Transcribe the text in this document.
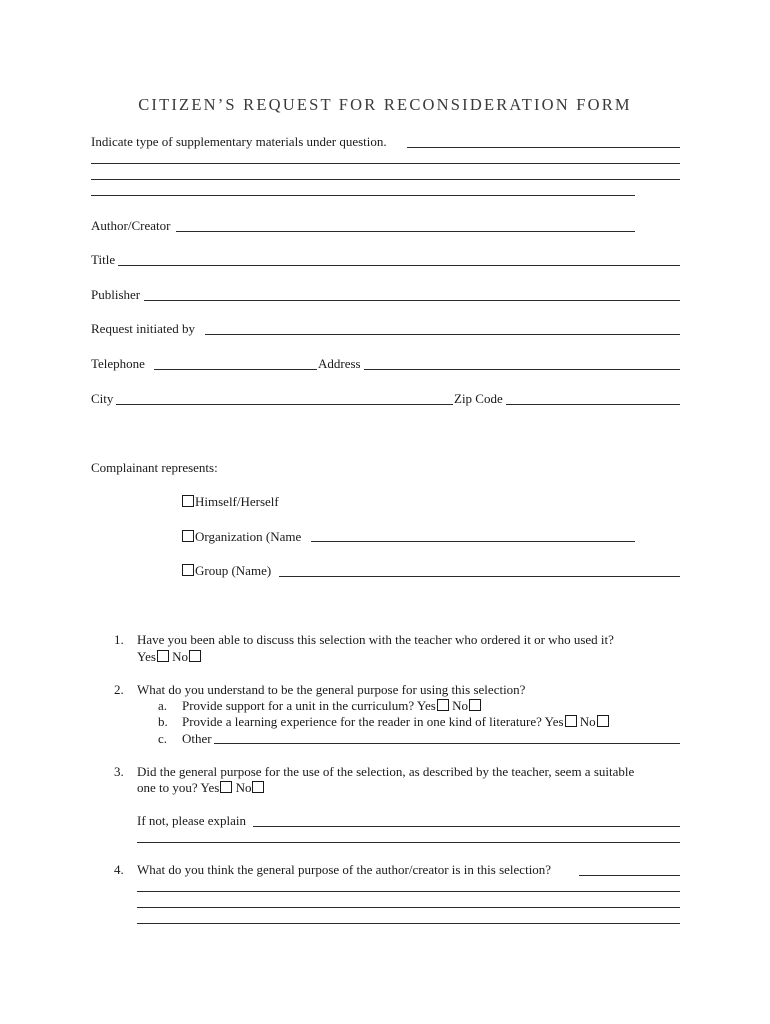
CITIZEN’S REQUEST FOR RECONSIDERATION FORM
Indicate type of supplementary materials under question.
Author/Creator
Title
Publisher
Request initiated by
Telephone	Address
City	Zip Code
Complainant represents:
Himself/Herself
Organization (Name
Group (Name)
1. Have you been able to discuss this selection with the teacher who ordered it or who used it?
Yes No
2. What do you understand to be the general purpose for using this selection?
a. Provide support for a unit in the curriculum? Yes No
b. Provide a learning experience for the reader in one kind of literature? Yes No
c. Other
3. Did the general purpose for the use of the selection, as described by the teacher, seem a suitable
one to you? Yes No
If not, please explain
4. What do you think the general purpose of the author/creator is in this selection?
